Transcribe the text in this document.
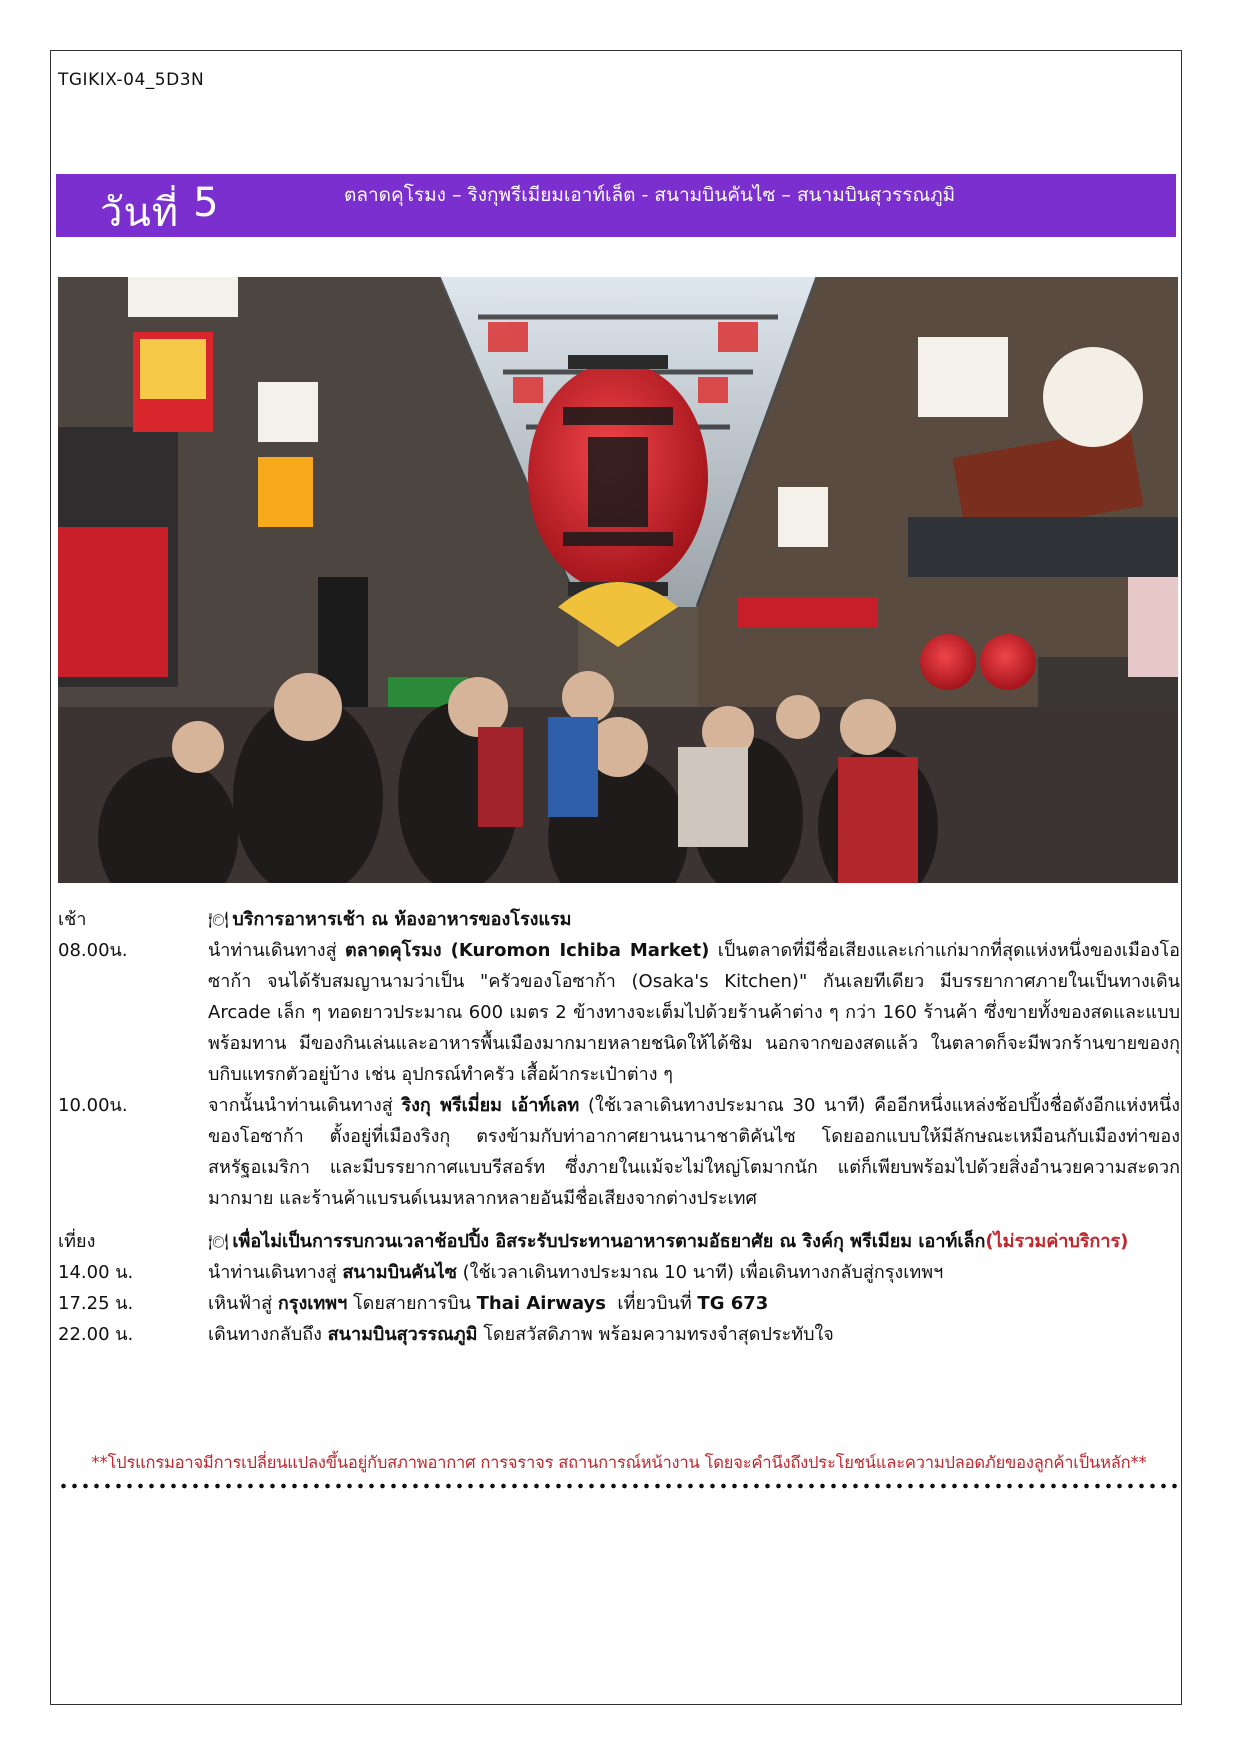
TGIKIX-04_5D3N
วันที่ 5	ตลาดคุโรมง – ริงกุพรีเมียมเอาท์เล็ต - สนามบินคันไซ – สนามบินสุวรรณภูมิ
เช้า	🍽 บริการอาหารเช้า ณ ห้องอาหารของโรงแรม
08.00น.	นำท่านเดินทางสู่ ตลาดคุโรมง (Kuromon Ichiba Market) เป็นตลาดที่มีชื่อเสียงและเก่าแก่มากที่สุดแห่งหนึ่งของเมืองโอซาก้า จนได้รับสมญานามว่าเป็น "ครัวของโอซาก้า (Osaka's Kitchen)" กันเลยทีเดียว มีบรรยากาศภายในเป็นทางเดิน Arcade เล็ก ๆ ทอดยาวประมาณ 600 เมตร 2 ข้างทางจะเต็มไปด้วยร้านค้าต่าง ๆ กว่า 160 ร้านค้า ซึ่งขายทั้งของสดและแบบพร้อมทาน มีของกินเล่นและอาหารพื้นเมืองมากมายหลายชนิดให้ได้ชิม นอกจากของสดแล้ว ในตลาดก็จะมีพวกร้านขายของกุบกิบแทรกตัวอยู่บ้าง เช่น อุปกรณ์ทำครัว เสื้อผ้ากระเป๋าต่าง ๆ
10.00น.	จากนั้นนำท่านเดินทางสู่ ริงกุ พรีเมี่ยม เอ้าท์เลท (ใช้เวลาเดินทางประมาณ 30 นาที) คืออีกหนึ่งแหล่งช้อปปิ้งชื่อดังอีกแห่งหนึ่งของโอซาก้า ตั้งอยู่ที่เมืองริงกุ ตรงข้ามกับท่าอากาศยานนานาชาติคันไซ โดยออกแบบให้มีลักษณะเหมือนกับเมืองท่าของสหรัฐอเมริกา และมีบรรยากาศแบบรีสอร์ท ซึ่งภายในแม้จะไม่ใหญ่โตมากนัก แต่ก็เพียบพร้อมไปด้วยสิ่งอำนวยความสะดวกมากมาย และร้านค้าแบรนด์เนมหลากหลายอันมีชื่อเสียงจากต่างประเทศ
เที่ยง	🍽 เพื่อไม่เป็นการรบกวนเวลาช้อปปิ้ง อิสระรับประทานอาหารตามอัธยาศัย ณ ริงค์กุ พรีเมียม เอาท์เล็ก(ไม่รวมค่าบริการ)
14.00 น.	นำท่านเดินทางสู่ สนามบินคันไซ (ใช้เวลาเดินทางประมาณ 10 นาที) เพื่อเดินทางกลับสู่กรุงเทพฯ
17.25 น.	เหินฟ้าสู่ กรุงเทพฯ โดยสายการบิน Thai Airways  เที่ยวบินที่ TG 673
22.00 น.	เดินทางกลับถึง สนามบินสุวรรณภูมิ โดยสวัสดิภาพ พร้อมความทรงจำสุดประทับใจ
**โปรแกรมอาจมีการเปลี่ยนแปลงขึ้นอยู่กับสภาพอากาศ การจราจร สถานการณ์หน้างาน โดยจะคำนึงถึงประโยชน์และความปลอดภัยของลูกค้าเป็นหลัก**
